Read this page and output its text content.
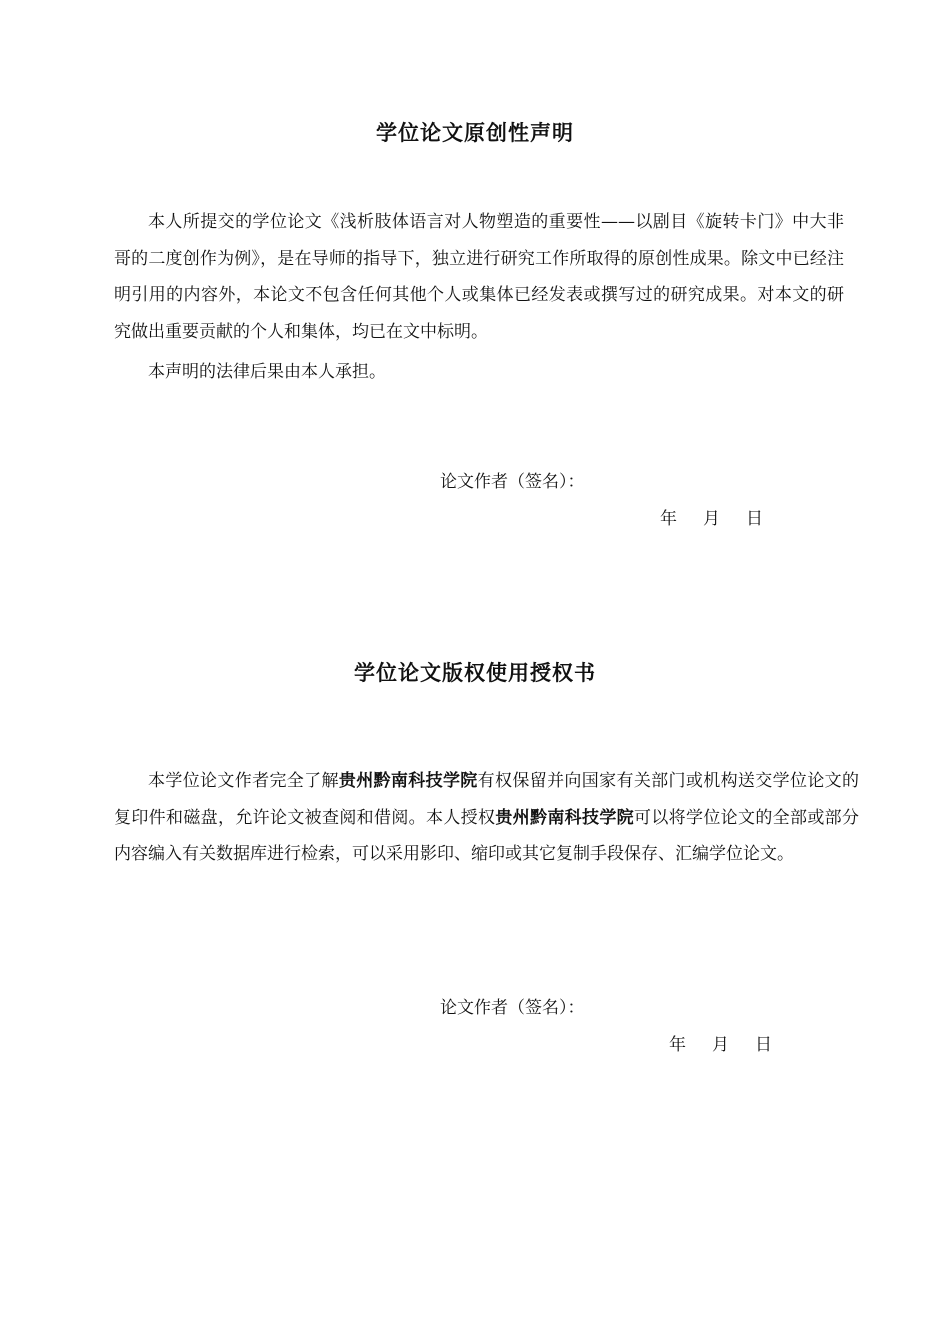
学位论文原创性声明

本人所提交的学位论文《浅析肢体语言对人物塑造的重要性——以剧目《旋转卡门》中大非哥的二度创作为例》，是在导师的指导下，独立进行研究工作所取得的原创性成果。除文中已经注明引用的内容外，本论文不包含任何其他个人或集体已经发表或撰写过的研究成果。对本文的研究做出重要贡献的个人和集体，均已在文中标明。

本声明的法律后果由本人承担。

论文作者（签名）：

年 月 日

学位论文版权使用授权书

本学位论文作者完全了解贵州黔南科技学院有权保留并向国家有关部门或机构送交学位论文的复印件和磁盘，允许论文被查阅和借阅。本人授权贵州黔南科技学院可以将学位论文的全部或部分内容编入有关数据库进行检索，可以采用影印、缩印或其它复制手段保存、汇编学位论文。

论文作者（签名）：

年 月 日
